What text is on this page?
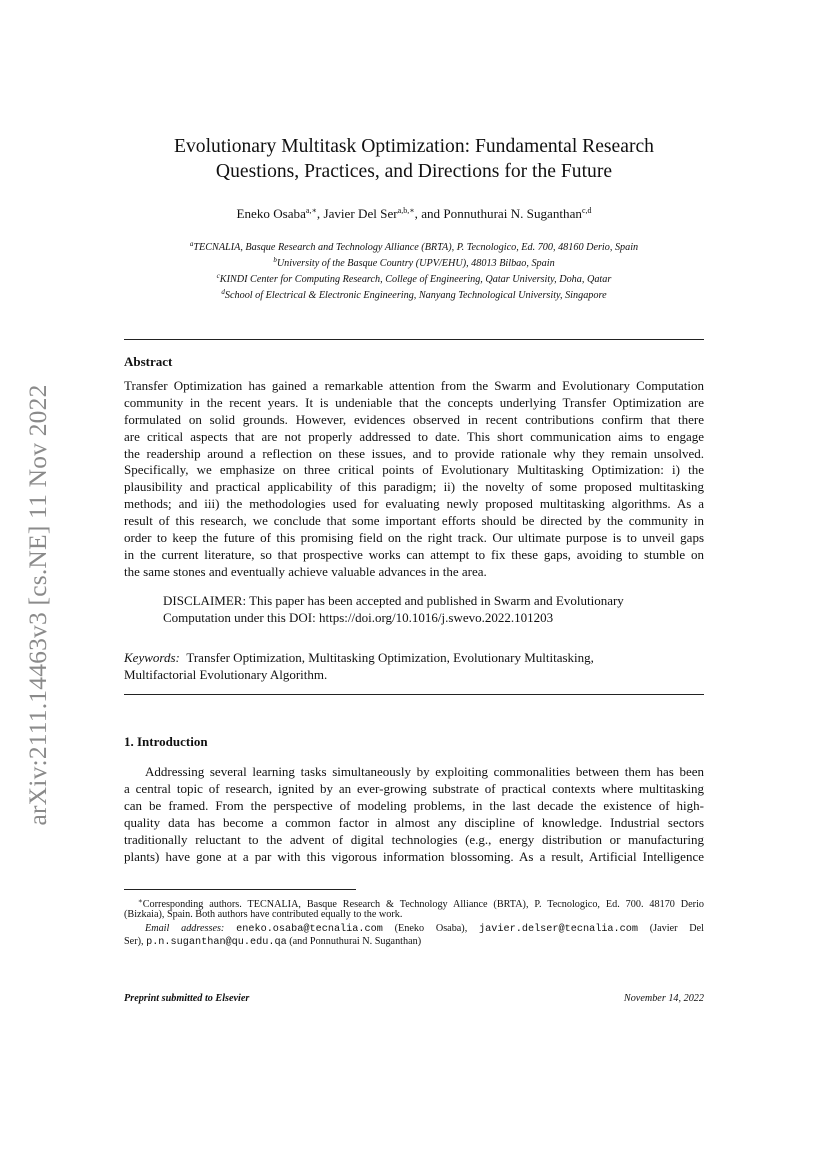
arXiv:2111.14463v3 [cs.NE] 11 Nov 2022
Evolutionary Multitask Optimization: Fundamental Research
Questions, Practices, and Directions for the Future
Eneko Osaba$^{a,∗}$, Javier Del Ser$^{a,b,∗}$, and Ponnuthurai N. Suganthan$^{c,d}$
$^a$TECNALIA, Basque Research and Technology Alliance (BRTA), P. Tecnologico, Ed. 700, 48160 Derio, Spain
$^b$University of the Basque Country (UPV/EHU), 48013 Bilbao, Spain
$^c$KINDI Center for Computing Research, College of Engineering, Qatar University, Doha, Qatar
$^d$School of Electrical & Electronic Engineering, Nanyang Technological University, Singapore
Abstract
Transfer Optimization has gained a remarkable attention from the Swarm and Evolutionary Computation
community in the recent years. It is undeniable that the concepts underlying Transfer Optimization are
formulated on solid grounds. However, evidences observed in recent contributions confirm that there
are critical aspects that are not properly addressed to date. This short communication aims to engage
the readership around a reflection on these issues, and to provide rationale why they remain unsolved.
Specifically, we emphasize on three critical points of Evolutionary Multitasking Optimization: i) the
plausibility and practical applicability of this paradigm; ii) the novelty of some proposed multitasking
methods; and iii) the methodologies used for evaluating newly proposed multitasking algorithms. As a
result of this research, we conclude that some important efforts should be directed by the community in
order to keep the future of this promising field on the right track. Our ultimate purpose is to unveil gaps
in the current literature, so that prospective works can attempt to fix these gaps, avoiding to stumble on
the same stones and eventually achieve valuable advances in the area.
DISCLAIMER: This paper has been accepted and published in Swarm and Evolutionary
Computation under this DOI: https://doi.org/10.1016/j.swevo.2022.101203
Keywords: Transfer Optimization, Multitasking Optimization, Evolutionary Multitasking,
Multifactorial Evolutionary Algorithm.
1. Introduction
Addressing several learning tasks simultaneously by exploiting commonalities between them has been
a central topic of research, ignited by an ever-growing substrate of practical contexts where multitasking
can be framed. From the perspective of modeling problems, in the last decade the existence of high-
quality data has become a common factor in almost any discipline of knowledge. Industrial sectors
traditionally reluctant to the advent of digital technologies (e.g., energy distribution or manufacturing
plants) have gone at a par with this vigorous information blossoming. As a result, Artificial Intelligence
∗Corresponding authors. TECNALIA, Basque Research & Technology Alliance (BRTA), P. Tecnologico, Ed. 700. 48170 Derio
(Bizkaia), Spain. Both authors have contributed equally to the work.
Email addresses: eneko.osaba@tecnalia.com (Eneko Osaba), javier.delser@tecnalia.com (Javier Del
Ser), p.n.suganthan@qu.edu.qa (and Ponnuthurai N. Suganthan)
Preprint submitted to Elsevier	November 14, 2022
